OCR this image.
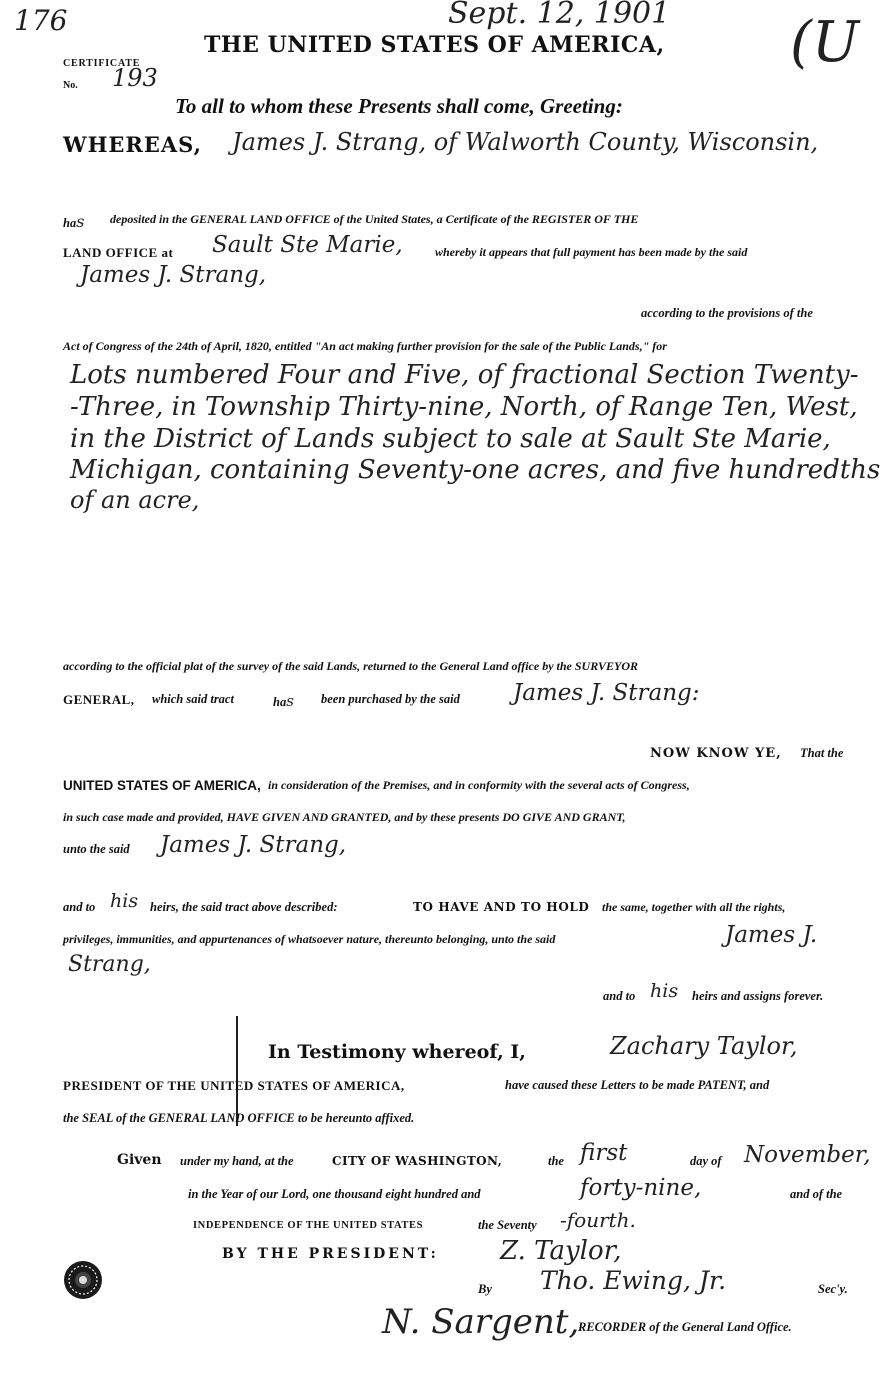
176	Sept. 12, 1901 (U
CERTIFICATE
No. 193
THE UNITED STATES OF AMERICA,
To all to whom these Presents shall come, Greeting:
WHEREAS, James J. Strang, of Walworth County, Wisconsin,
has deposited in the GENERAL LAND OFFICE of the United States, a Certificate of the REGISTER OF THE
LAND OFFICE at Sault Ste Marie,	whereby it appears that full payment has been made by the said
James J. Strang,
according to the provisions of the
Act of Congress of the 24th of April, 1820, entitled "An act making further provision for the sale of the Public Lands," for
Lots numbered Four and Five, of fractional Section Twenty-
-Three, in Township Thirty-nine, North, of Range Ten, West,
in the District of Lands subject to sale at Sault Ste Marie,
Michigan, containing Seventy-one acres, and five hundredths
of an acre,
according to the official plat of the survey of the said Lands, returned to the General Land office by the SURVEYOR
GENERAL, which said tract	has been purchased by the said James J. Strang:
NOW KNOW YE, That the
UNITED STATES OF AMERICA, in consideration of the Premises, and in conformity with the several acts of Congress,
in such case made and provided, HAVE GIVEN AND GRANTED, and by these presents DO GIVE AND GRANT,
unto the said James J. Strang,
and to his heirs, the said tract above described:	TO HAVE AND TO HOLD the same, together with all the rights,
privileges, immunities, and appurtenances of whatsoever nature, thereunto belonging, unto the said	James J.
Strang,
and to his heirs and assigns forever.
In Testimony whereof, I,	Zachary Taylor,
PRESIDENT OF THE UNITED STATES OF AMERICA,	have caused these Letters to be made PATENT, and
the SEAL of the GENERAL LAND OFFICE to be hereunto affixed.
Given under my hand, at the	CITY OF WASHINGTON,	the first	day of November,
in the Year of our Lord, one thousand eight hundred and	forty-nine,	and of the
INDEPENDENCE OF THE UNITED STATES	the Seventy -fourth.
BY THE PRESIDENT: Z. Taylor,
By Tho. Ewing, Jr.	Sec'y.
N. Sargent,
RECORDER of the General Land Office.
